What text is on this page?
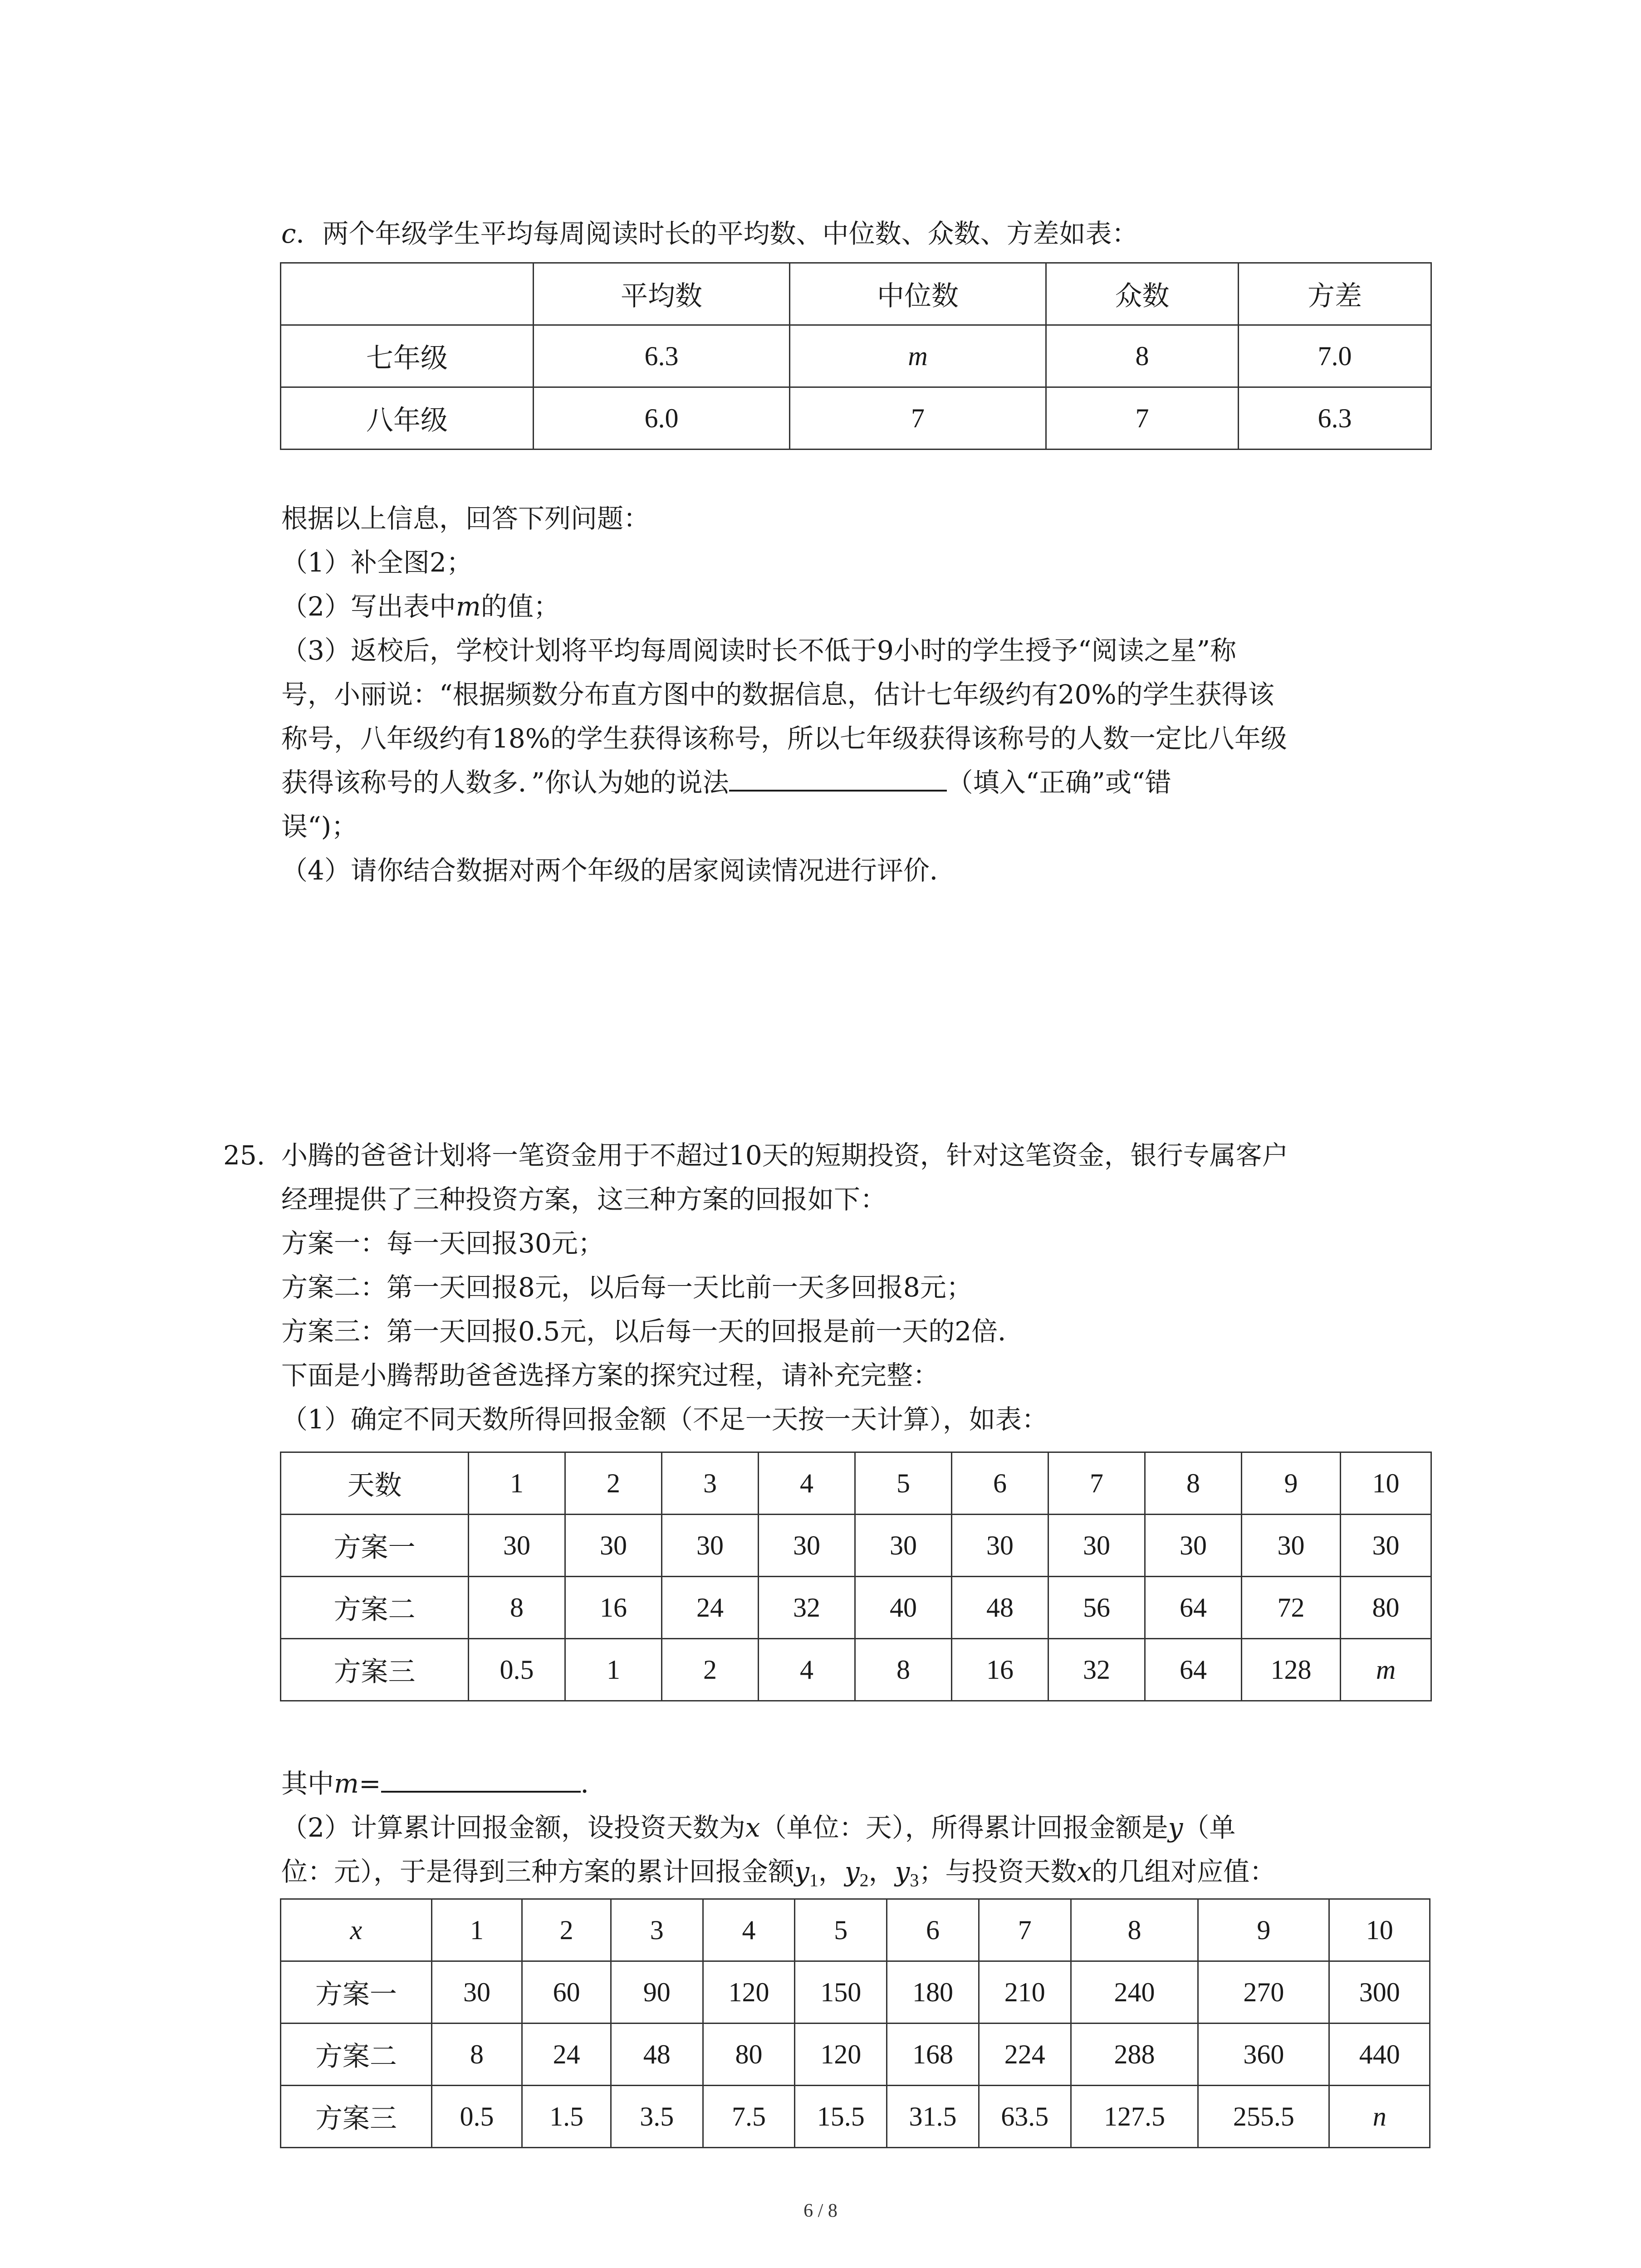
c．两个年级学生平均每周阅读时长的平均数、中位数、众数、方差如表：
	平均数	中位数	众数	方差
七年级	6.3	m	8	7.0
八年级	6.0	7	7	6.3
根据以上信息，回答下列问题：
（1）补全图2；
（2）写出表中m的值；
（3）返校后，学校计划将平均每周阅读时长不低于9小时的学生授予“阅读之星”称
号，小丽说：“根据频数分布直方图中的数据信息，估计七年级约有20%的学生获得该
称号，八年级约有18%的学生获得该称号，所以七年级获得该称号的人数一定比八年级
获得该称号的人数多．”你认为她的说法	（填入“正确”或“错
误“)；
（4）请你结合数据对两个年级的居家阅读情况进行评价．
25. 小腾的爸爸计划将一笔资金用于不超过10天的短期投资，针对这笔资金，银行专属客户
经理提供了三种投资方案，这三种方案的回报如下：
方案一：每一天回报30元；
方案二：第一天回报8元，以后每一天比前一天多回报8元；
方案三：第一天回报0.5元，以后每一天的回报是前一天的2倍．
下面是小腾帮助爸爸选择方案的探究过程，请补充完整：
（1）确定不同天数所得回报金额（不足一天按一天计算），如表：
天数	1	2	3	4	5	6	7	8	9	10
方案一	30	30	30	30	30	30	30	30	30	30
方案二	8	16	24	32	40	48	56	64	72	80
方案三	0.5	1	2	4	8	16	32	64	128	m
其中m=	．
（2）计算累计回报金额，设投资天数为x（单位：天），所得累计回报金额是y（单
位：元），于是得到三种方案的累计回报金额$y_1$，$y_2$，$y_3$；与投资天数x的几组对应值：
x	1	2	3	4	5	6	7	8	9	10
方案一	30	60	90	120	150	180	210	240	270	300
方案二	8	24	48	80	120	168	224	288	360	440
方案三	0.5	1.5	3.5	7.5	15.5	31.5	63.5	127.5	255.5	n
6 / 8
